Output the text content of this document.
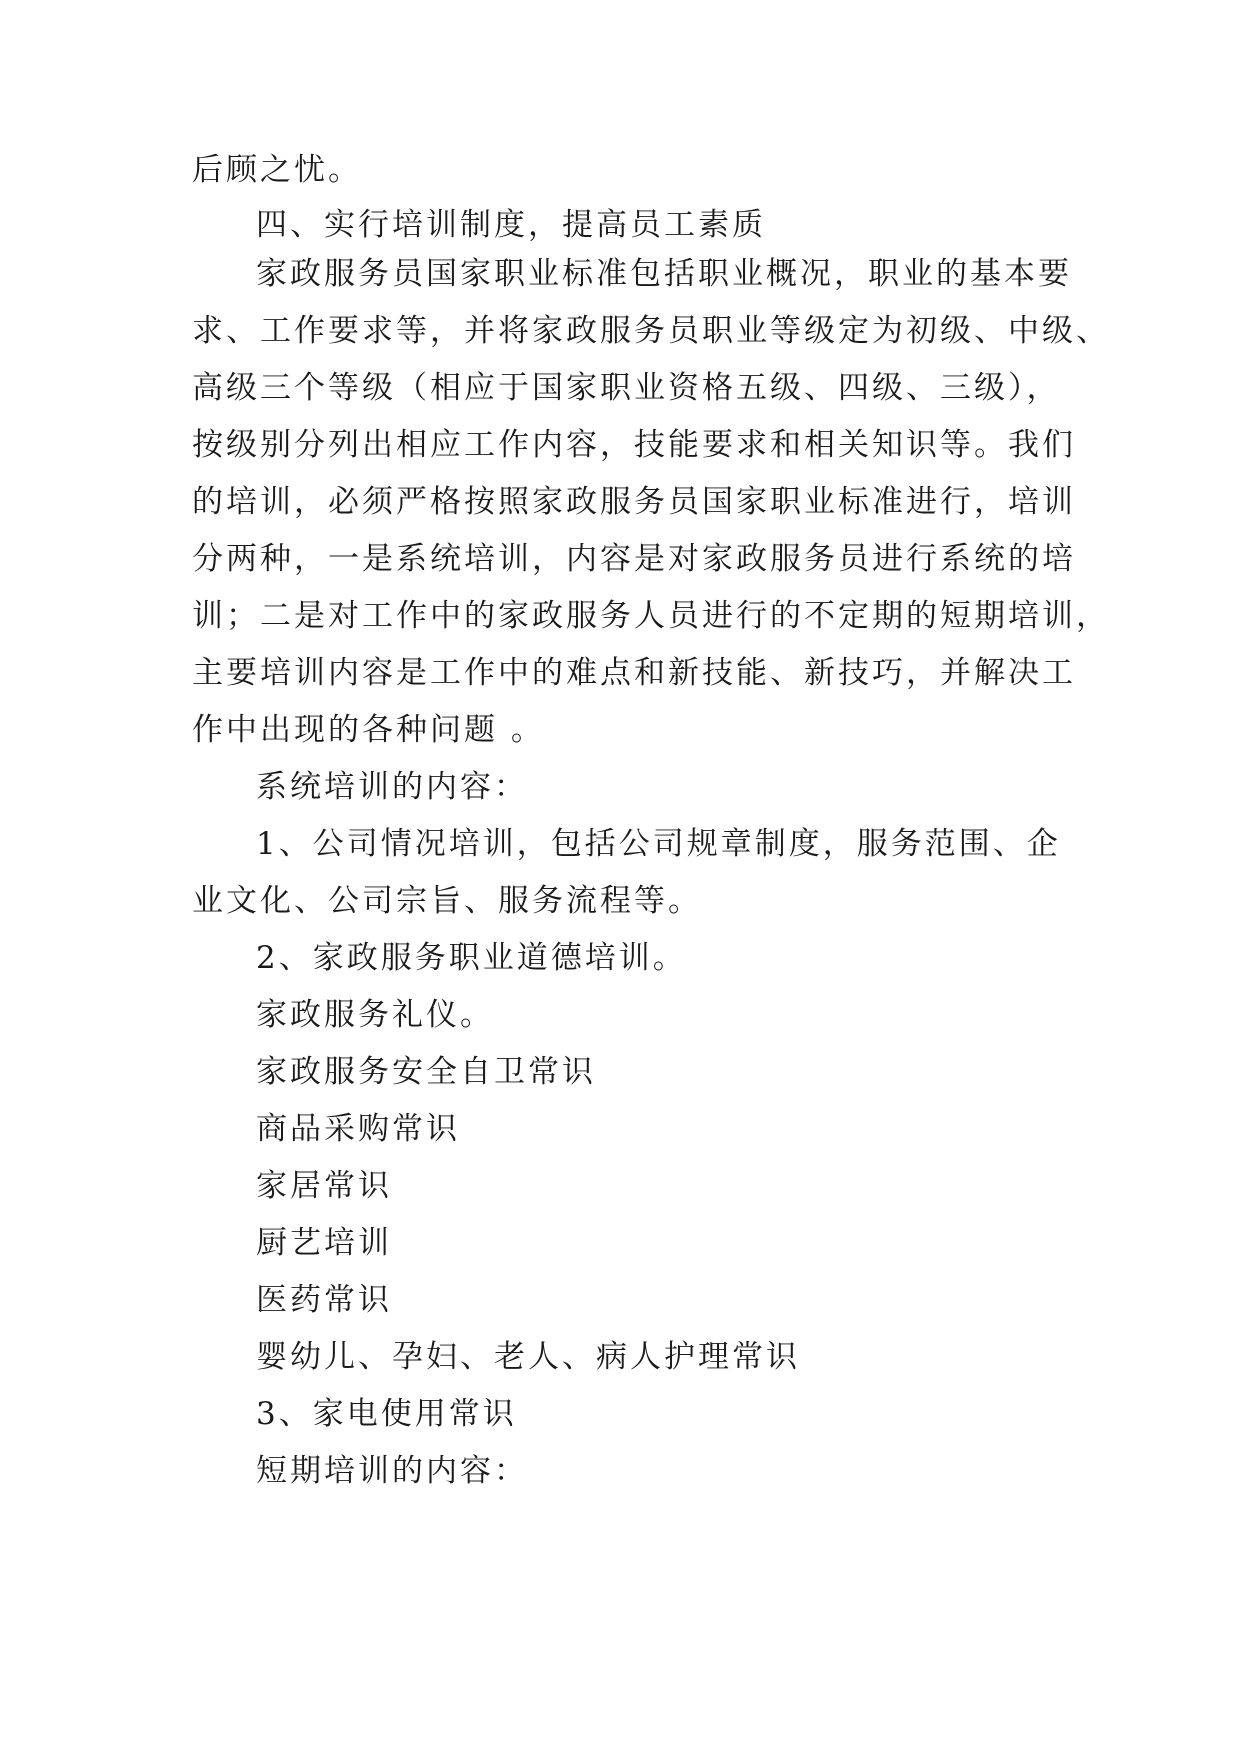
后顾之忧。
四、实行培训制度，提高员工素质
家政服务员国家职业标准包括职业概况，职业的基本要
求、工作要求等，并将家政服务员职业等级定为初级、中级、
高级三个等级（相应于国家职业资格五级、四级、三级），
按级别分列出相应工作内容，技能要求和相关知识等。我们
的培训，必须严格按照家政服务员国家职业标准进行，培训
分两种，一是系统培训，内容是对家政服务员进行系统的培
训；二是对工作中的家政服务人员进行的不定期的短期培训，
主要培训内容是工作中的难点和新技能、新技巧，并解决工
作中出现的各种问题 。
系统培训的内容：
1、公司情况培训，包括公司规章制度，服务范围、企
业文化、公司宗旨、服务流程等。
2、家政服务职业道德培训。
家政服务礼仪。
家政服务安全自卫常识
商品采购常识
家居常识
厨艺培训
医药常识
婴幼儿、孕妇、老人、病人护理常识
3、家电使用常识
短期培训的内容：
